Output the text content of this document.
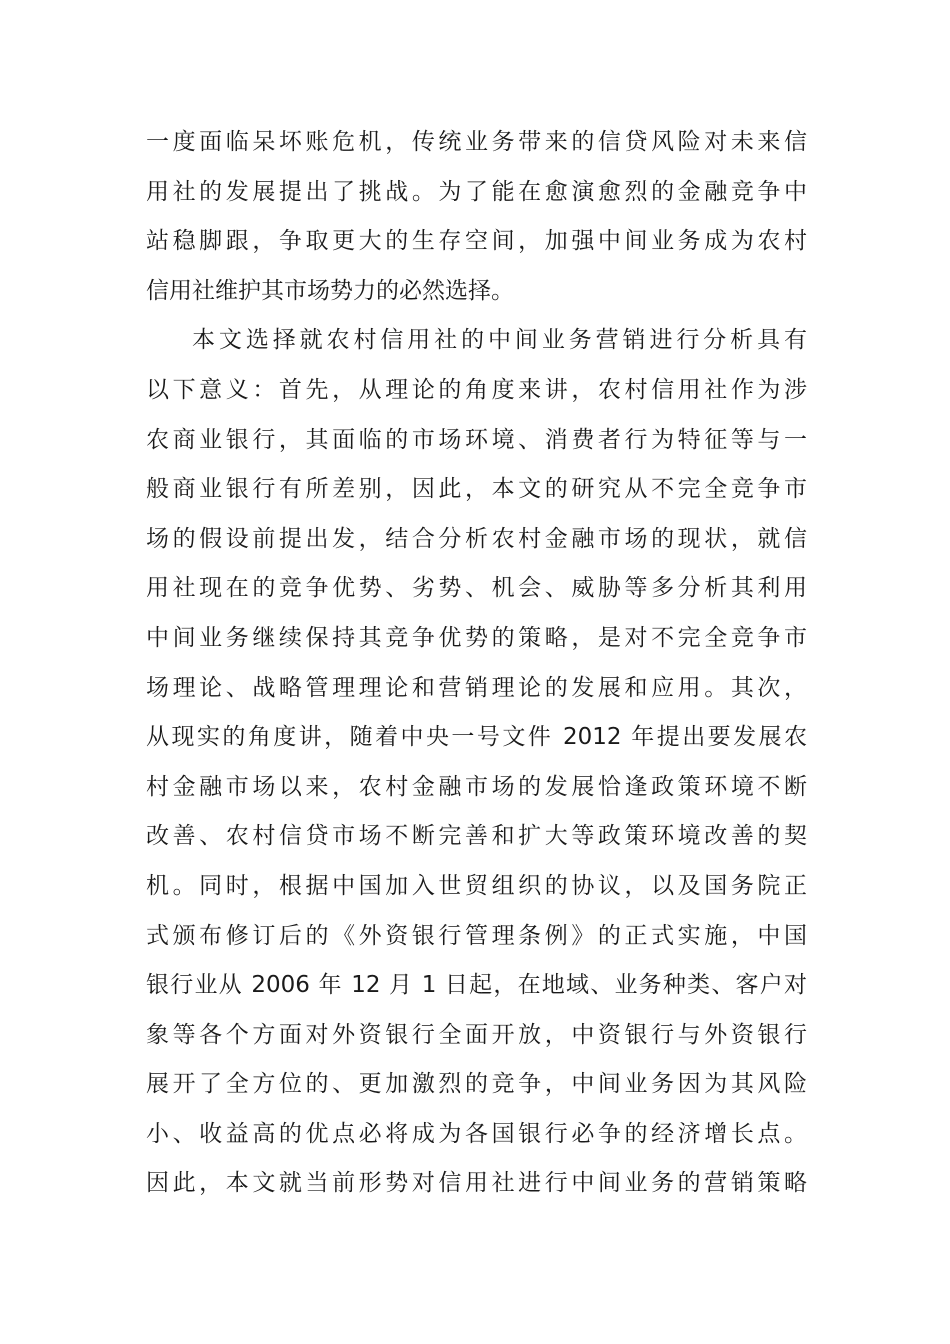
一度面临呆坏账危机，传统业务带来的信贷风险对未来信
用社的发展提出了挑战。为了能在愈演愈烈的金融竞争中
站稳脚跟，争取更大的生存空间，加强中间业务成为农村
信用社维护其市场势力的必然选择。
本文选择就农村信用社的中间业务营销进行分析具有
以下意义：首先，从理论的角度来讲，农村信用社作为涉
农商业银行，其面临的市场环境、消费者行为特征等与一
般商业银行有所差别，因此，本文的研究从不完全竞争市
场的假设前提出发，结合分析农村金融市场的现状，就信
用社现在的竞争优势、劣势、机会、威胁等多分析其利用
中间业务继续保持其竞争优势的策略，是对不完全竞争市
场理论、战略管理理论和营销理论的发展和应用。其次，
从现实的角度讲，随着中央一号文件 2012 年提出要发展农
村金融市场以来，农村金融市场的发展恰逢政策环境不断
改善、农村信贷市场不断完善和扩大等政策环境改善的契
机。同时，根据中国加入世贸组织的协议，以及国务院正
式颁布修订后的《外资银行管理条例》的正式实施，中国
银行业从 2006 年 12 月 1 日起，在地域、业务种类、客户对
象等各个方面对外资银行全面开放，中资银行与外资银行
展开了全方位的、更加激烈的竞争，中间业务因为其风险
小、收益高的优点必将成为各国银行必争的经济增长点。
因此，本文就当前形势对信用社进行中间业务的营销策略
